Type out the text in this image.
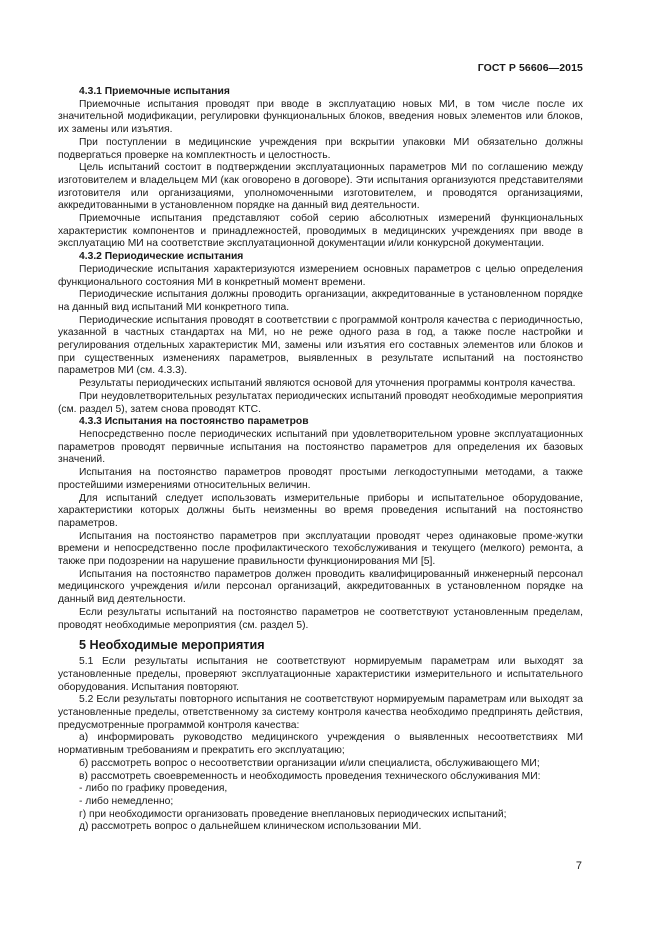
ГОСТ Р 56606—2015

4.3.1 Приемочные испытания

Приемочные испытания проводят при вводе в эксплуатацию новых МИ, в том числе после их значительной модификации, регулировки функциональных блоков, введения новых элементов или блоков, их замены или изъятия.

При поступлении в медицинские учреждения при вскрытии упаковки МИ обязательно должны подвергаться проверке на комплектность и целостность.

Цель испытаний состоит в подтверждении эксплуатационных параметров МИ по соглашению между изготовителем и владельцем МИ (как оговорено в договоре). Эти испытания организуются представителями изготовителя или организациями, уполномоченными изготовителем, и проводятся организациями, аккредитованными в установленном порядке на данный вид деятельности.

Приемочные испытания представляют собой серию абсолютных измерений функциональных характеристик компонентов и принадлежностей, проводимых в медицинских учреждениях при вводе в эксплуатацию МИ на соответствие эксплуатационной документации и/или конкурсной документации.

4.3.2 Периодические испытания

Периодические испытания характеризуются измерением основных параметров с целью определения функционального состояния МИ в конкретный момент времени.

Периодические испытания должны проводить организации, аккредитованные в установленном порядке на данный вид испытаний МИ конкретного типа.

Периодические испытания проводят в соответствии с программой контроля качества с периодичностью, указанной в частных стандартах на МИ, но не реже одного раза в год, а также после настройки и регулирования отдельных характеристик МИ, замены или изъятия его составных элементов или блоков и при существенных изменениях параметров, выявленных в результате испытаний на постоянство параметров МИ (см. 4.3.3).

Результаты периодических испытаний являются основой для уточнения программы контроля качества.

При неудовлетворительных результатах периодических испытаний проводят необходимые мероприятия (см. раздел 5), затем снова проводят КТС.

4.3.3 Испытания на постоянство параметров

Непосредственно после периодических испытаний при удовлетворительном уровне эксплуатационных параметров проводят первичные испытания на постоянство параметров для определения их базовых значений.

Испытания на постоянство параметров проводят простыми легкодоступными методами, а также простейшими измерениями относительных величин.

Для испытаний следует использовать измерительные приборы и испытательное оборудование, характеристики которых должны быть неизменны во время проведения испытаний на постоянство параметров.

Испытания на постоянство параметров при эксплуатации проводят через одинаковые проме-жутки времени и непосредственно после профилактического техобслуживания и текущего (мелкого) ремонта, а также при подозрении на нарушение правильности функционирования МИ [5].

Испытания на постоянство параметров должен проводить квалифицированный инженерный персонал медицинского учреждения и/или персонал организаций, аккредитованных в установленном порядке на данный вид деятельности.

Если результаты испытаний на постоянство параметров не соответствуют установленным пределам, проводят необходимые мероприятия (см. раздел 5).

5 Необходимые мероприятия

5.1 Если результаты испытания не соответствуют нормируемым параметрам или выходят за установленные пределы, проверяют эксплуатационные характеристики измерительного и испытательного оборудования. Испытания повторяют.

5.2 Если результаты повторного испытания не соответствуют нормируемым параметрам или выходят за установленные пределы, ответственному за систему контроля качества необходимо предпринять действия, предусмотренные программой контроля качества:

а) информировать руководство медицинского учреждения о выявленных несоответствиях МИ нормативным требованиям и прекратить его эксплуатацию;

б) рассмотреть вопрос о несоответствии организации и/или специалиста, обслуживающего МИ;

в) рассмотреть своевременность и необходимость проведения технического обслуживания МИ:

- либо по графику проведения,

- либо немедленно;

г) при необходимости организовать проведение внеплановых периодических испытаний;

д) рассмотреть вопрос о дальнейшем клиническом использовании МИ.

7
